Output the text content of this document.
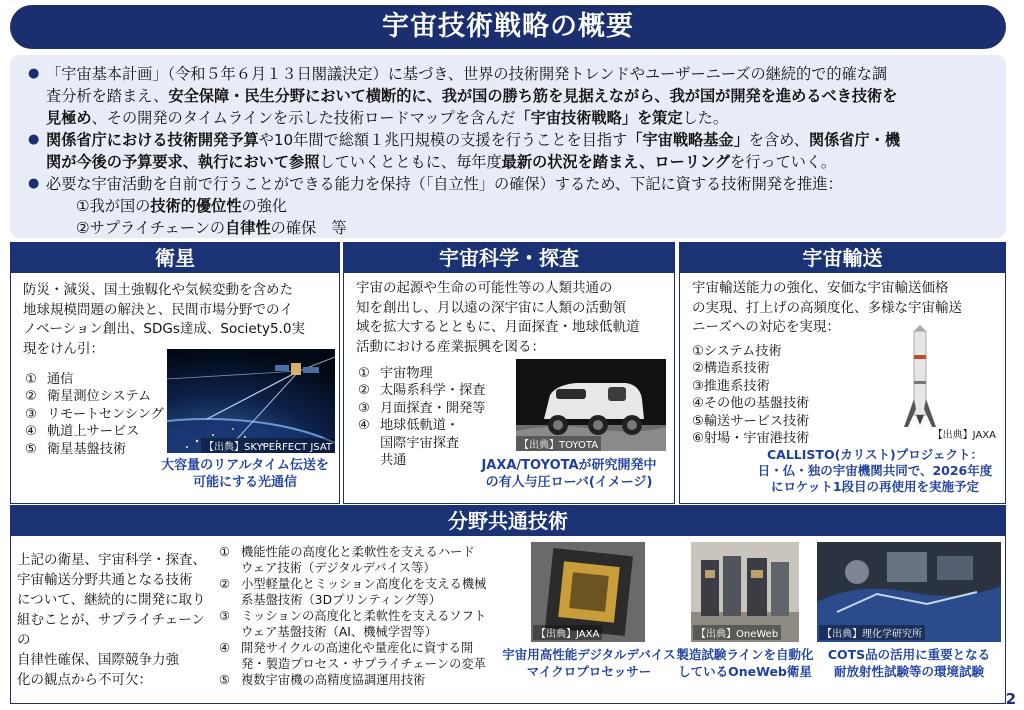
宇宙技術戦略の概要
● 「宇宙基本計画」（令和５年６月１３日閣議決定）に基づき、世界の技術開発トレンドやユーザーニーズの継続的で的確な調
査分析を踏まえ、安全保障・民生分野において横断的に、我が国の勝ち筋を見据えながら、我が国が開発を進めるべき技術を
見極め、その開発のタイムラインを示した技術ロードマップを含んだ「宇宙技術戦略」を策定した。
● 関係省庁における技術開発予算や10年間で総額１兆円規模の支援を行うことを目指す「宇宙戦略基金」を含め、関係省庁・機
関が今後の予算要求、執行において参照していくとともに、毎年度最新の状況を踏まえ、ローリングを行っていく。
● 必要な宇宙活動を自前で行うことができる能力を保持（「自立性」の確保）するため、下記に資する技術開発を推進：
①我が国の技術的優位性の強化
②サプライチェーンの自律性の確保　等
衛星
防災・減災、国土強靱化や気候変動を含めた
地球規模問題の解決と、民間市場分野でのイ
ノベーション創出、SDGs達成、Society5.0実
現をけん引：
① 通信
② 衛星測位システム
③ リモートセンシング
④ 軌道上サービス
⑤ 衛星基盤技術	【出典】SKYPERFECT JSAT
大容量のリアルタイム伝送を
可能にする光通信
宇宙科学・探査
宇宙の起源や生命の可能性等の人類共通の
知を創出し、月以遠の深宇宙に人類の活動領
域を拡大するとともに、月面探査・地球低軌道
活動における産業振興を図る：
① 宇宙物理
② 太陽系科学・探査
③ 月面探査・開発等
④ 地球低軌道・
国際宇宙探査
共通
【出典】TOYOTA
JAXA/TOYOTAが研究開発中
の有人与圧ローバ(イメージ)
宇宙輸送
宇宙輸送能力の強化、安価な宇宙輸送価格
の実現、打上げの高頻度化、多様な宇宙輸送
ニーズへの対応を実現：
①システム技術
②構造系技術
③推進系技術
④その他の基盤技術
⑤輸送サービス技術
⑥射場・宇宙港技術	【出典】JAXA
CALLISTO(カリスト)プロジェクト：
日・仏・独の宇宙機関共同で、2026年度
にロケット1段目の再使用を実施予定
分野共通技術
上記の衛星、宇宙科学・探査、
宇宙輸送分野共通となる技術
について、継続的に開発に取り
組むことが、サプライチェーンの
自律性確保、国際競争力強
化の観点から不可欠：
① 機能性能の高度化と柔軟性を支えるハード
ウェア技術（デジタルデバイス等）
② 小型軽量化とミッション高度化を支える機械
系基盤技術（3Dプリンティング等）
③ ミッションの高度化と柔軟性を支えるソフト
ウェア基盤技術（AI、機械学習等）
④ 開発サイクルの高速化や量産化に資する開
発・製造プロセス・サプライチェーンの変革
⑤ 複数宇宙機の高精度協調運用技術
【出典】JAXA
宇宙用高性能デジタルデバイス
マイクロプロセッサー
【出典】OneWeb
製造試験ラインを自動化
しているOneWeb衛星
【出典】理化学研究所
COTS品の活用に重要となる
耐放射性試験等の環境試験
2
